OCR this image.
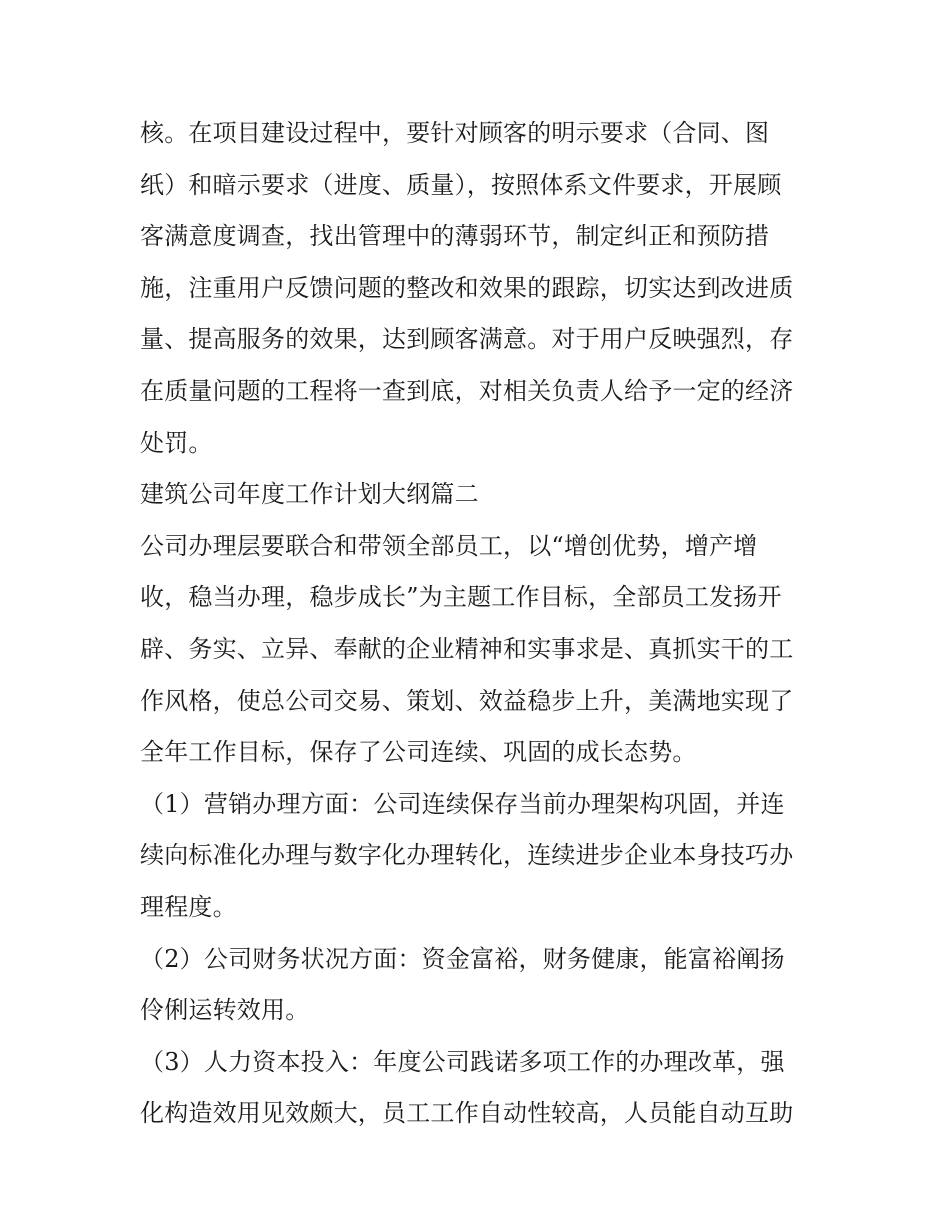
核。在项目建设过程中，要针对顾客的明示要求（合同、图
纸）和暗示要求（进度、质量），按照体系文件要求，开展顾
客满意度调查，找出管理中的薄弱环节，制定纠正和预防措
施，注重用户反馈问题的整改和效果的跟踪，切实达到改进质
量、提高服务的效果，达到顾客满意。对于用户反映强烈，存
在质量问题的工程将一查到底，对相关负责人给予一定的经济
处罚。
建筑公司年度工作计划大纲篇二
公司办理层要联合和带领全部员工，以“增创优势，增产增
收，稳当办理，稳步成长”为主题工作目标，全部员工发扬开
辟、务实、立异、奉献的企业精神和实事求是、真抓实干的工
作风格，使总公司交易、策划、效益稳步上升，美满地实现了
全年工作目标，保存了公司连续、巩固的成长态势。
（1）营销办理方面：公司连续保存当前办理架构巩固，并连
续向标准化办理与数字化办理转化，连续进步企业本身技巧办
理程度。
（2）公司财务状况方面：资金富裕，财务健康，能富裕阐扬
伶俐运转效用。
（3）人力资本投入：年度公司践诺多项工作的办理改革，强
化构造效用见效颇大，员工工作自动性较高，人员能自动互助
